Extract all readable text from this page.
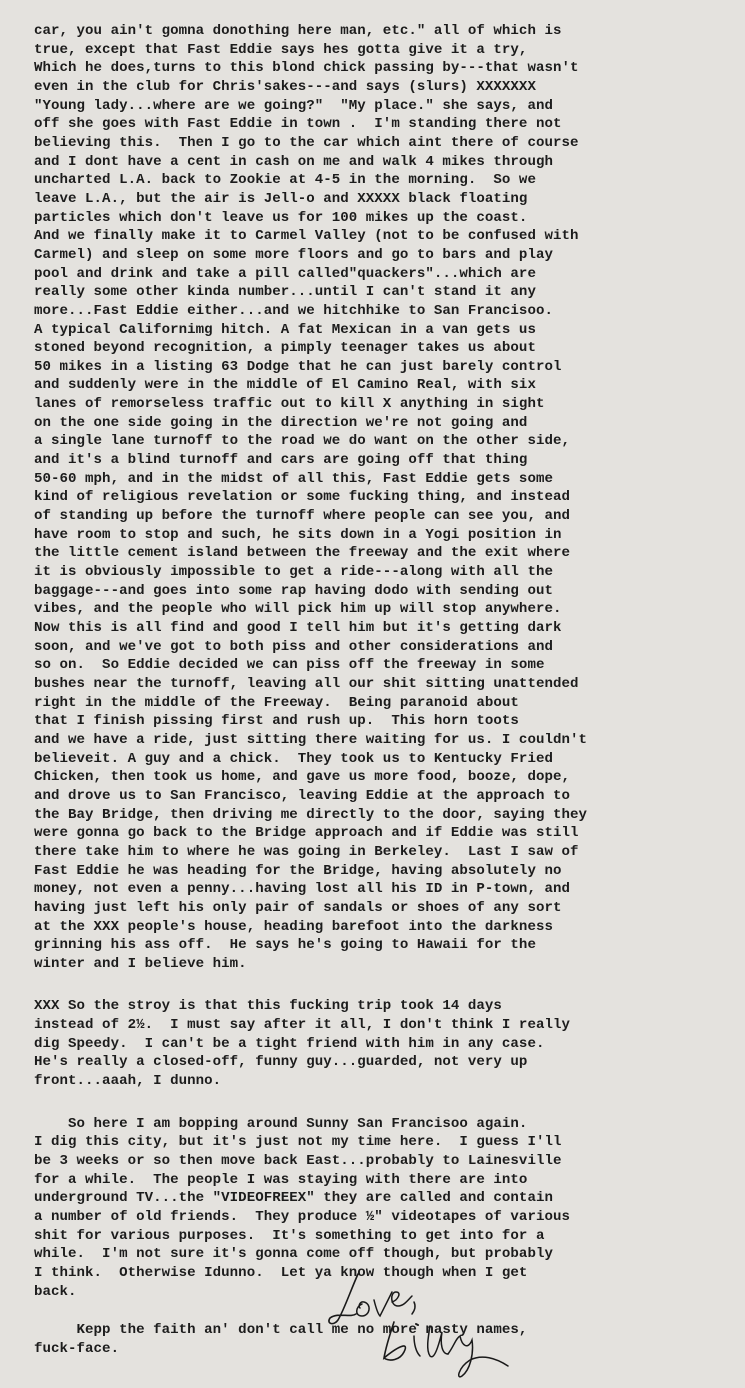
car, you ain't gomna donothing here man, etc." all of which is
true, except that Fast Eddie says hes gotta give it a try,
Which he does,turns to this blond chick passing by---that wasn't
even in the club for Chris'sakes---and says (slurs) XXXXXXX
"Young lady...where are we going?"  "My place." she says, and
off she goes with Fast Eddie in town .  I'm standing there not
believing this.  Then I go to the car which aint there of course
and I dont have a cent in cash on me and walk 4 mikes through
uncharted L.A. back to Zookie at 4-5 in the morning.  So we
leave L.A., but the air is Jell-o and XXXXX black floating
particles which don't leave us for 100 mikes up the coast.
And we finally make it to Carmel Valley (not to be confused with
Carmel) and sleep on some more floors and go to bars and play
pool and drink and take a pill called"quackers"...which are
really some other kinda number...until I can't stand it any
more...Fast Eddie either...and we hitchhike to San Francisoo.
A typical Californimg hitch. A fat Mexican in a van gets us
stoned beyond recognition, a pimply teenager takes us about
50 mikes in a listing 63 Dodge that he can just barely control
and suddenly were in the middle of El Camino Real, with six
lanes of remorseless traffic out to kill X anything in sight
on the one side going in the direction we're not going and
a single lane turnoff to the road we do want on the other side,
and it's a blind turnoff and cars are going off that thing
50-60 mph, and in the midst of all this, Fast Eddie gets some
kind of religious revelation or some fucking thing, and instead
of standing up before the turnoff where people can see you, and
have room to stop and such, he sits down in a Yogi position in
the little cement island between the freeway and the exit where
it is obviously impossible to get a ride---along with all the
baggage---and goes into some rap having dodo with sending out
vibes, and the people who will pick him up will stop anywhere.
Now this is all find and good I tell him but it's getting dark
soon, and we've got to both piss and other considerations and
so on.  So Eddie decided we can piss off the freeway in some
bushes near the turnoff, leaving all our shit sitting unattended
right in the middle of the Freeway.  Being paranoid about
that I finish pissing first and rush up.  This horn toots
and we have a ride, just sitting there waiting for us. I couldn't
believeit. A guy and a chick.  They took us to Kentucky Fried
Chicken, then took us home, and gave us more food, booze, dope,
and drove us to San Francisco, leaving Eddie at the approach to
the Bay Bridge, then driving me directly to the door, saying they
were gonna go back to the Bridge approach and if Eddie was still
there take him to where he was going in Berkeley.  Last I saw of
Fast Eddie he was heading for the Bridge, having absolutely no
money, not even a penny...having lost all his ID in P-town, and
having just left his only pair of sandals or shoes of any sort
at the XXX people's house, heading barefoot into the darkness
grinning his ass off.  He says he's going to Hawaii for the
winter and I believe him.
XXX So the stroy is that this fucking trip took 14 days
instead of 2½.  I must say after it all, I don't think I really
dig Speedy.  I can't be a tight friend with him in any case.
He's really a closed-off, funny guy...guarded, not very up
front...aaah, I dunno.
So here I am bopping around Sunny San Francisoo again.
I dig this city, but it's just not my time here.  I guess I'll
be 3 weeks or so then move back East...probably to Lainesville
for a while.  The people I was staying with there are into
underground TV...the "VIDEOFREEX" they are called and contain
a number of old friends.  They produce ½" videotapes of various
shit for various purposes.  It's something to get into for a
while.  I'm not sure it's gonna come off though, but probably
I think.  Otherwise Idunno.  Let ya know though when I get
back.
Kepp the faith an' don't call me no more nasty names,
fuck-face.
